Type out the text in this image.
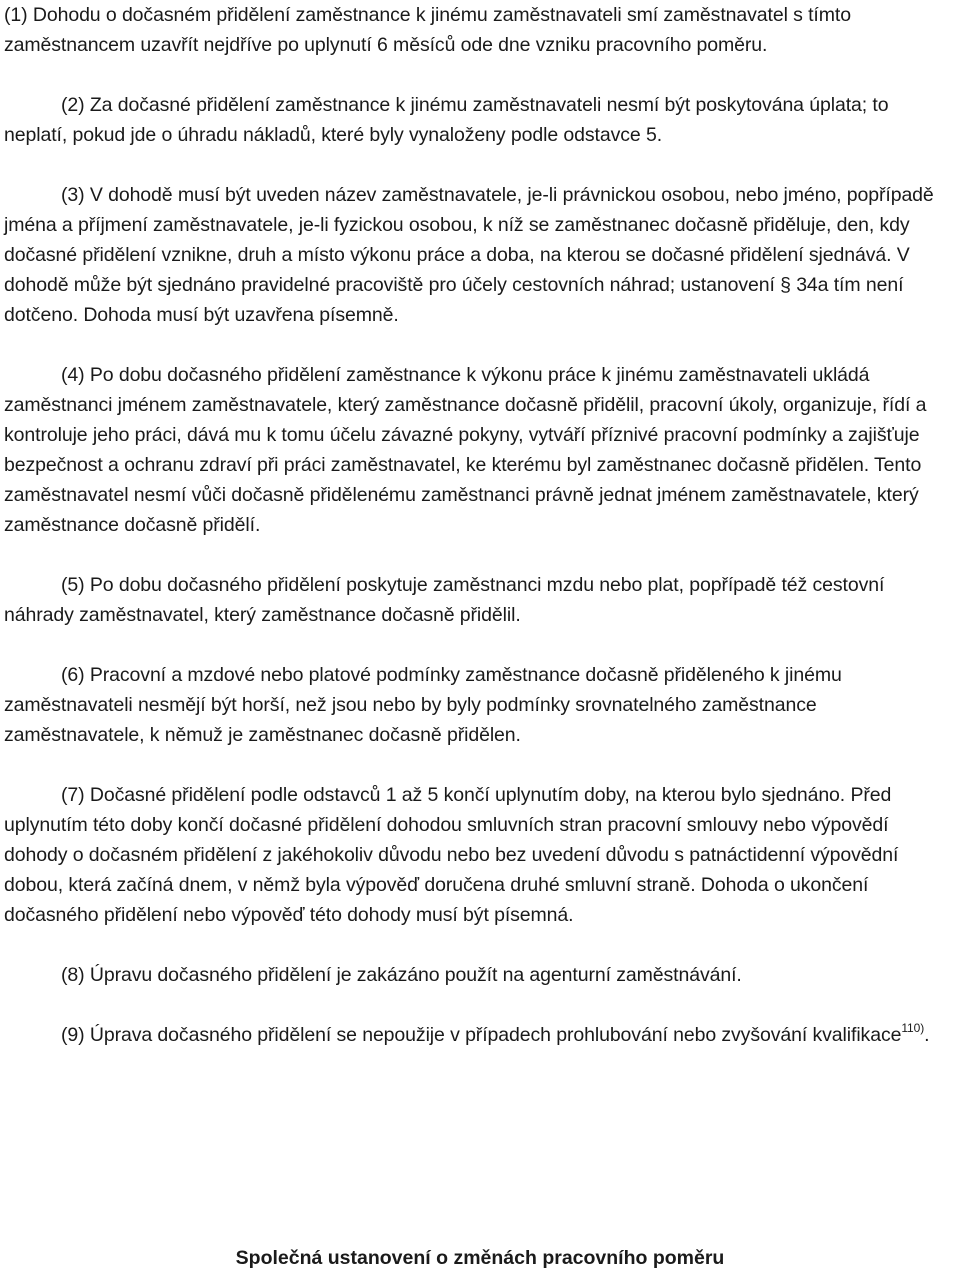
(1) Dohodu o dočasném přidělení zaměstnance k jinému zaměstnavateli smí zaměstnavatel s tímto zaměstnancem uzavřít nejdříve po uplynutí 6 měsíců ode dne vzniku pracovního poměru.

(2) Za dočasné přidělení zaměstnance k jinému zaměstnavateli nesmí být poskytována úplata; to neplatí, pokud jde o úhradu nákladů, které byly vynaloženy podle odstavce 5.

(3) V dohodě musí být uveden název zaměstnavatele, je-li právnickou osobou, nebo jméno, popřípadě jména a příjmení zaměstnavatele, je-li fyzickou osobou, k níž se zaměstnanec dočasně přiděluje, den, kdy dočasné přidělení vznikne, druh a místo výkonu práce a doba, na kterou se dočasné přidělení sjednává. V dohodě může být sjednáno pravidelné pracoviště pro účely cestovních náhrad; ustanovení § 34a tím není dotčeno. Dohoda musí být uzavřena písemně.

(4) Po dobu dočasného přidělení zaměstnance k výkonu práce k jinému zaměstnavateli ukládá zaměstnanci jménem zaměstnavatele, který zaměstnance dočasně přidělil, pracovní úkoly, organizuje, řídí a kontroluje jeho práci, dává mu k tomu účelu závazné pokyny, vytváří příznivé pracovní podmínky a zajišťuje bezpečnost a ochranu zdraví při práci zaměstnavatel, ke kterému byl zaměstnanec dočasně přidělen. Tento zaměstnavatel nesmí vůči dočasně přidělenému zaměstnanci právně jednat jménem zaměstnavatele, který zaměstnance dočasně přidělí.

(5) Po dobu dočasného přidělení poskytuje zaměstnanci mzdu nebo plat, popřípadě též cestovní náhrady zaměstnavatel, který zaměstnance dočasně přidělil.

(6) Pracovní a mzdové nebo platové podmínky zaměstnance dočasně přiděleného k jinému zaměstnavateli nesmějí být horší, než jsou nebo by byly podmínky srovnatelného zaměstnance zaměstnavatele, k němuž je zaměstnanec dočasně přidělen.

(7) Dočasné přidělení podle odstavců 1 až 5 končí uplynutím doby, na kterou bylo sjednáno. Před uplynutím této doby končí dočasné přidělení dohodou smluvních stran pracovní smlouvy nebo výpovědí dohody o dočasném přidělení z jakéhokoliv důvodu nebo bez uvedení důvodu s patnáctidenní výpovědní dobou, která začíná dnem, v němž byla výpověď doručena druhé smluvní straně. Dohoda o ukončení dočasného přidělení nebo výpověď této dohody musí být písemná.

(8) Úpravu dočasného přidělení je zakázáno použít na agenturní zaměstnávání.

(9) Úprava dočasného přidělení se nepoužije v případech prohlubování nebo zvyšování kvalifikace$^{110)}$.

Společná ustanovení o změnách pracovního poměru
